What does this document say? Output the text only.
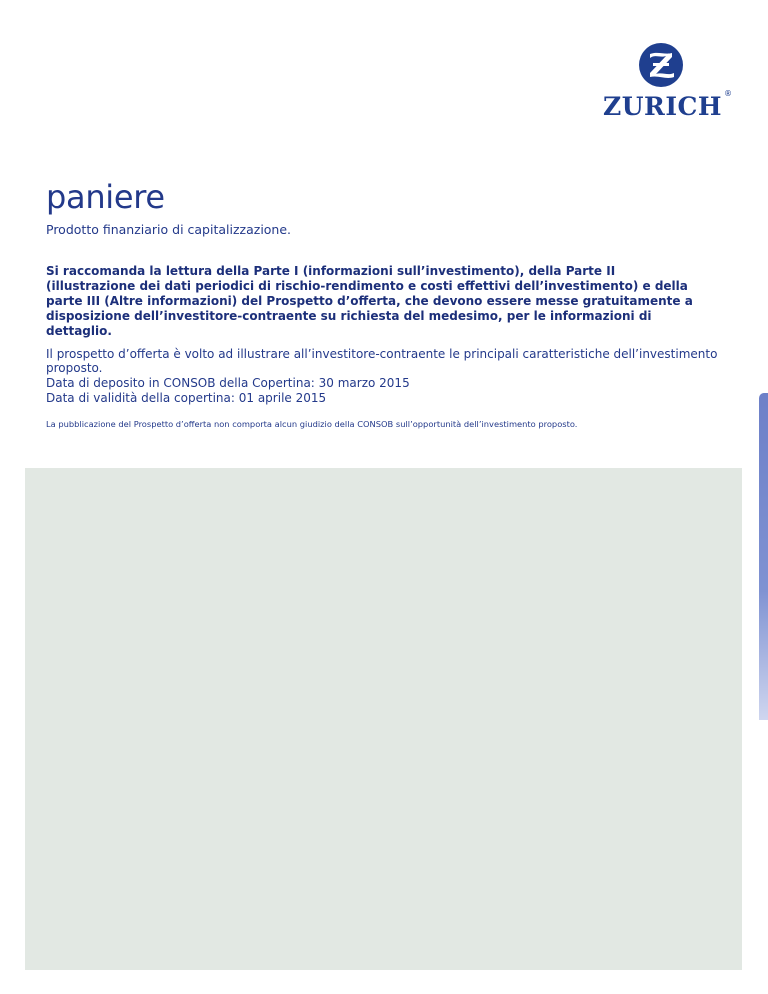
ZURICH ®
paniere
Prodotto finanziario di capitalizzazione.
Si raccomanda la lettura della Parte I (informazioni sull’investimento), della Parte II (illustrazione dei dati periodici di rischio-rendimento e costi effettivi dell’investimento) e della parte III (Altre informazioni) del Prospetto d’offerta, che devono essere messe gratuitamente a disposizione dell’investitore-contraente su richiesta del medesimo, per le informazioni di dettaglio.
Il prospetto d’offerta è volto ad illustrare all’investitore-contraente le principali caratteristiche dell’investimento proposto.
Data di deposito in CONSOB della Copertina: 30 marzo 2015
Data di validità della copertina: 01 aprile 2015
La pubblicazione del Prospetto d’offerta non comporta alcun giudizio della CONSOB sull’opportunità dell’investimento proposto.
